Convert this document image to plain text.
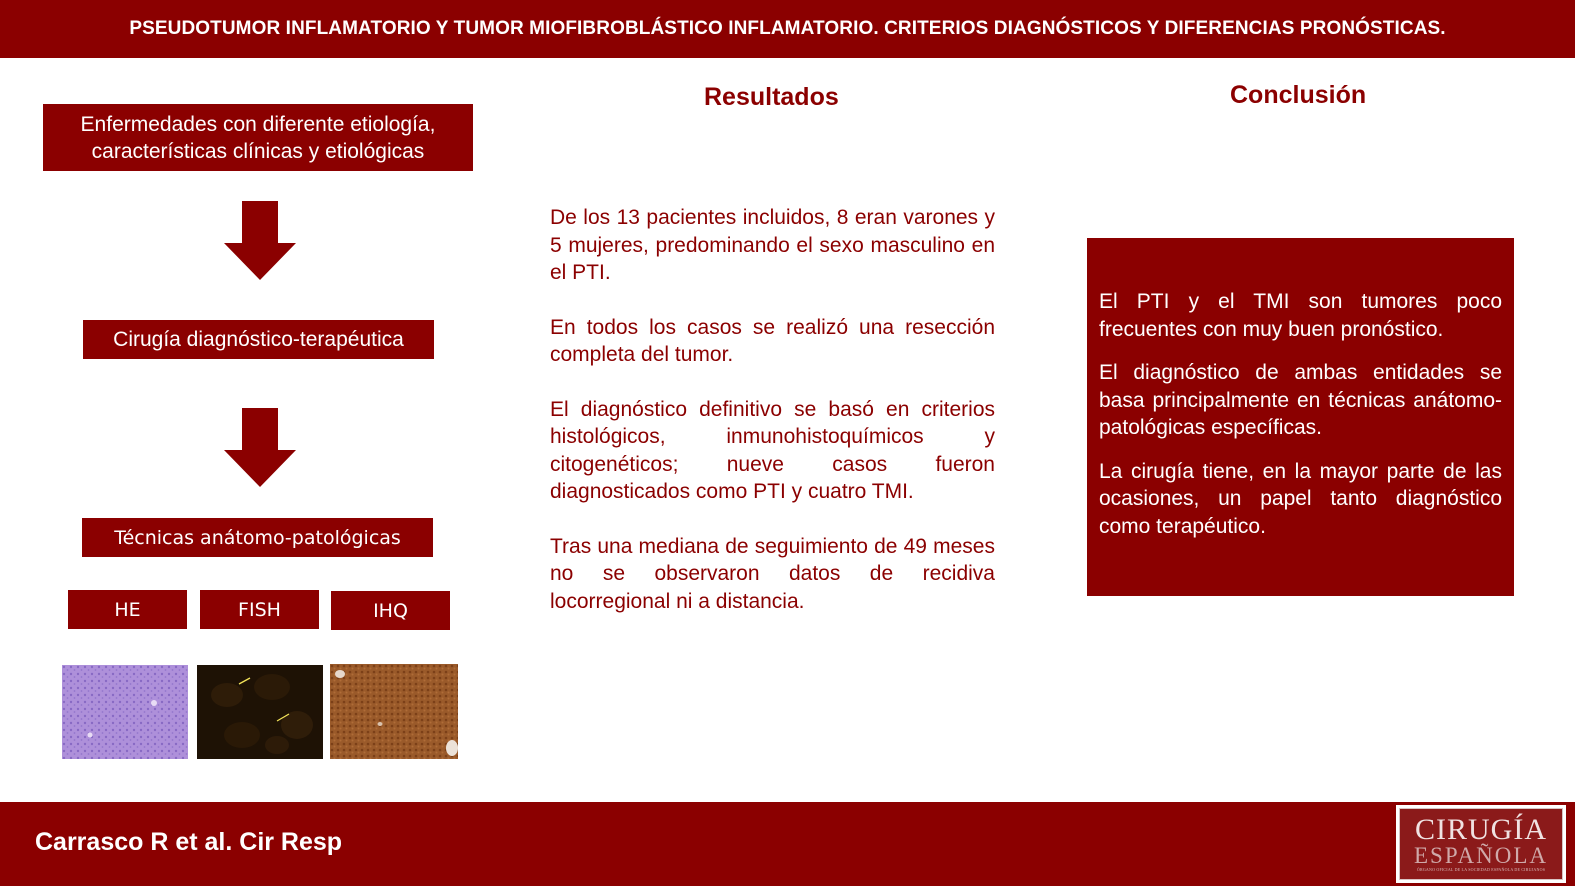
PSEUDOTUMOR INFLAMATORIO Y TUMOR MIOFIBROBLÁSTICO INFLAMATORIO. CRITERIOS DIAGNÓSTICOS Y DIFERENCIAS PRONÓSTICAS.
Enfermedades con diferente etiología, características clínicas y etiológicas
Cirugía diagnóstico-terapéutica
Técnicas anátomo-patológicas
HE	FISH	IHQ
Resultados

De los 13 pacientes incluidos, 8 eran varones y 5 mujeres, predominando el sexo masculino en el PTI.

En todos los casos se realizó una resección completa del tumor.

El diagnóstico definitivo se basó en criterios histológicos, inmunohistoquímicos y citogenéticos; nueve casos fueron diagnosticados como PTI y cuatro TMI.

Tras una mediana de seguimiento de 49 meses no se observaron datos de recidiva locorregional ni a distancia.

Conclusión

El PTI y el TMI son tumores poco frecuentes con muy buen pronóstico.

El diagnóstico de ambas entidades se basa principalmente en técnicas anátomo-patológicas específicas.

La cirugía tiene, en la mayor parte de las ocasiones, un papel tanto diagnóstico como terapéutico.

Carrasco R et al. Cir Resp	CIRUGÍA
ESPAÑOLA
ÓRGANO OFICIAL DE LA SOCIEDAD ESPAÑOLA DE CIRUJANOS
